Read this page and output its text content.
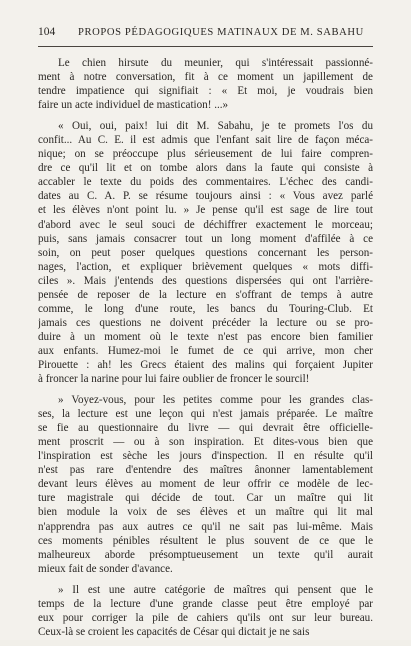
104 PROPOS PÉDAGOGIQUES MATINAUX DE M. SABAHU
Le chien hirsute du meunier, qui s'intéressait passionné-
ment à notre conversation, fit à ce moment un japillement de
tendre impatience qui signifiait : « Et moi, je voudrais bien
faire un acte individuel de mastication! ...»
« Oui, oui, paix! lui dit M. Sabahu, je te promets l'os du
confit... Au C. E. il est admis que l'enfant sait lire de façon méca-
nique; on se préoccupe plus sérieusement de lui faire compren-
dre ce qu'il lit et on tombe alors dans la faute qui consiste à
accabler le texte du poids des commentaires. L'échec des candi-
dates au C. A. P. se résume toujours ainsi : « Vous avez parlé
et les élèves n'ont point lu. » Je pense qu'il est sage de lire tout
d'abord avec le seul souci de déchiffrer exactement le morceau;
puis, sans jamais consacrer tout un long moment d'affilée à ce
soin, on peut poser quelques questions concernant les person-
nages, l'action, et expliquer brièvement quelques « mots diffi-
ciles ». Mais j'entends des questions dispersées qui ont l'arrière-
pensée de reposer de la lecture en s'offrant de temps à autre
comme, le long d'une route, les bancs du Touring-Club. Et
jamais ces questions ne doivent précéder la lecture ou se pro-
duire à un moment où le texte n'est pas encore bien familier
aux enfants. Humez-moi le fumet de ce qui arrive, mon cher
Pirouette : ah! les Grecs étaient des malins qui forçaient Jupiter
à froncer la narine pour lui faire oublier de froncer le sourcil!
» Voyez-vous, pour les petites comme pour les grandes clas-
ses, la lecture est une leçon qui n'est jamais préparée. Le maître
se fie au questionnaire du livre — qui devrait être officielle-
ment proscrit — ou à son inspiration. Et dites-vous bien que
l'inspiration est sèche les jours d'inspection. Il en résulte qu'il
n'est pas rare d'entendre des maîtres ânonner lamentablement
devant leurs élèves au moment de leur offrir ce modèle de lec-
ture magistrale qui décide de tout. Car un maître qui lit
bien module la voix de ses élèves et un maître qui lit mal
n'apprendra pas aux autres ce qu'il ne sait pas lui-même. Mais
ces moments pénibles résultent le plus souvent de ce que le
malheureux aborde présomptueusement un texte qu'il aurait
mieux fait de sonder d'avance.
» Il est une autre catégorie de maîtres qui pensent que le
temps de la lecture d'une grande classe peut être employé par
eux pour corriger la pile de cahiers qu'ils ont sur leur bureau.
Ceux-là se croient les capacités de César qui dictait je ne sais
